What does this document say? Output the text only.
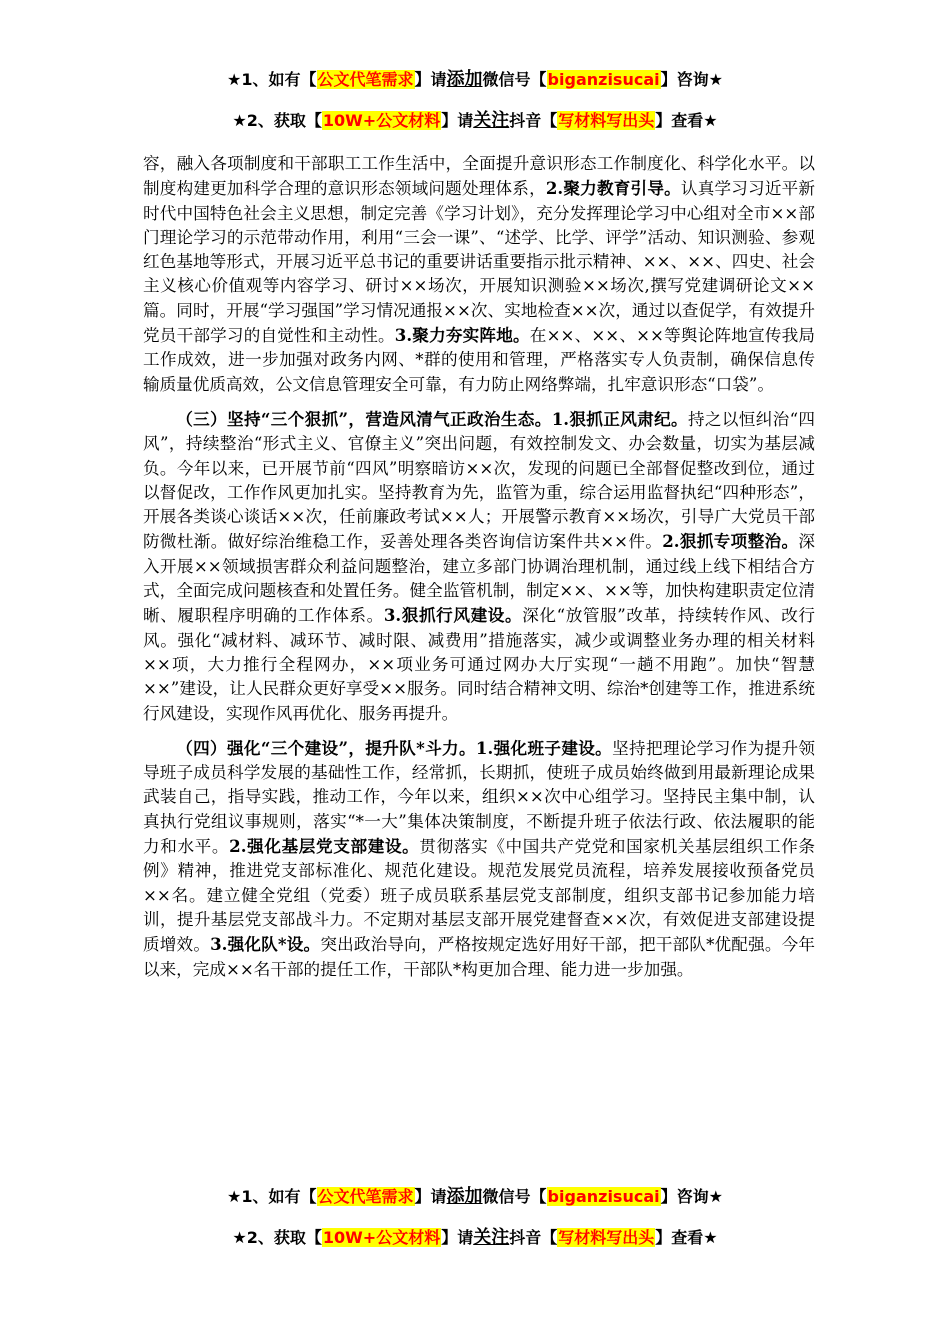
★1、如有【公文代笔需求】请添加微信号【biganzisucai】咨询★
★2、获取【10W+公文材料】请关注抖音【写材料写出头】查看★

容，融入各项制度和干部职工工作生活中，全面提升意识形态工作制度化、科学化水平。以制度构建更加科学合理的意识形态领域问题处理体系，2.聚力教育引导。认真学习习近平新时代中国特色社会主义思想，制定完善《学习计划》，充分发挥理论学习中心组对全市××部门理论学习的示范带动作用，利用“三会一课”、“述学、比学、评学”活动、知识测验、参观红色基地等形式，开展习近平总书记的重要讲话重要指示批示精神、××、××、四史、社会主义核心价值观等内容学习、研讨××场次，开展知识测验××场次,撰写党建调研论文××篇。同时，开展“学习强国”学习情况通报××次、实地检查××次，通过以查促学，有效提升党员干部学习的自觉性和主动性。3.聚力夯实阵地。在××、××、××等舆论阵地宣传我局工作成效，进一步加强对政务内网、*群的使用和管理，严格落实专人负责制，确保信息传输质量优质高效，公文信息管理安全可靠，有力防止网络弊端，扎牢意识形态“口袋”。

（三）坚持“三个狠抓”，营造风清气正政治生态。1.狠抓正风肃纪。持之以恒纠治“四风”，持续整治“形式主义、官僚主义”突出问题，有效控制发文、办会数量，切实为基层减负。今年以来，已开展节前“四风”明察暗访××次，发现的问题已全部督促整改到位，通过以督促改，工作作风更加扎实。坚持教育为先，监管为重，综合运用监督执纪“四种形态”，开展各类谈心谈话××次，任前廉政考试××人；开展警示教育××场次，引导广大党员干部防微杜渐。做好综治维稳工作，妥善处理各类咨询信访案件共××件。2.狠抓专项整治。深入开展××领域损害群众利益问题整治，建立多部门协调治理机制，通过线上线下相结合方式，全面完成问题核查和处置任务。健全监管机制，制定××、××等，加快构建职责定位清晰、履职程序明确的工作体系。3.狠抓行风建设。深化“放管服”改革，持续转作风、改行风。强化“减材料、减环节、减时限、减费用”措施落实，减少或调整业务办理的相关材料××项，大力推行全程网办，××项业务可通过网办大厅实现“一趟不用跑”。加快“智慧××”建设，让人民群众更好享受××服务。同时结合精神文明、综治*创建等工作，推进系统行风建设，实现作风再优化、服务再提升。

（四）强化“三个建设”，提升队*斗力。1.强化班子建设。坚持把理论学习作为提升领导班子成员科学发展的基础性工作，经常抓，长期抓，使班子成员始终做到用最新理论成果武装自己，指导实践，推动工作，今年以来，组织××次中心组学习。坚持民主集中制，认真执行党组议事规则，落实“*一大”集体决策制度，不断提升班子依法行政、依法履职的能力和水平。2.强化基层党支部建设。贯彻落实《中国共产党党和国家机关基层组织工作条例》精神，推进党支部标准化、规范化建设。规范发展党员流程，培养发展接收预备党员××名。建立健全党组（党委）班子成员联系基层党支部制度，组织支部书记参加能力培训，提升基层党支部战斗力。不定期对基层支部开展党建督查××次，有效促进支部建设提质增效。3.强化队*设。突出政治导向，严格按规定选好用好干部，把干部队*优配强。今年以来，完成××名干部的提任工作，干部队*构更加合理、能力进一步加强。

★1、如有【公文代笔需求】请添加微信号【biganzisucai】咨询★
★2、获取【10W+公文材料】请关注抖音【写材料写出头】查看★
